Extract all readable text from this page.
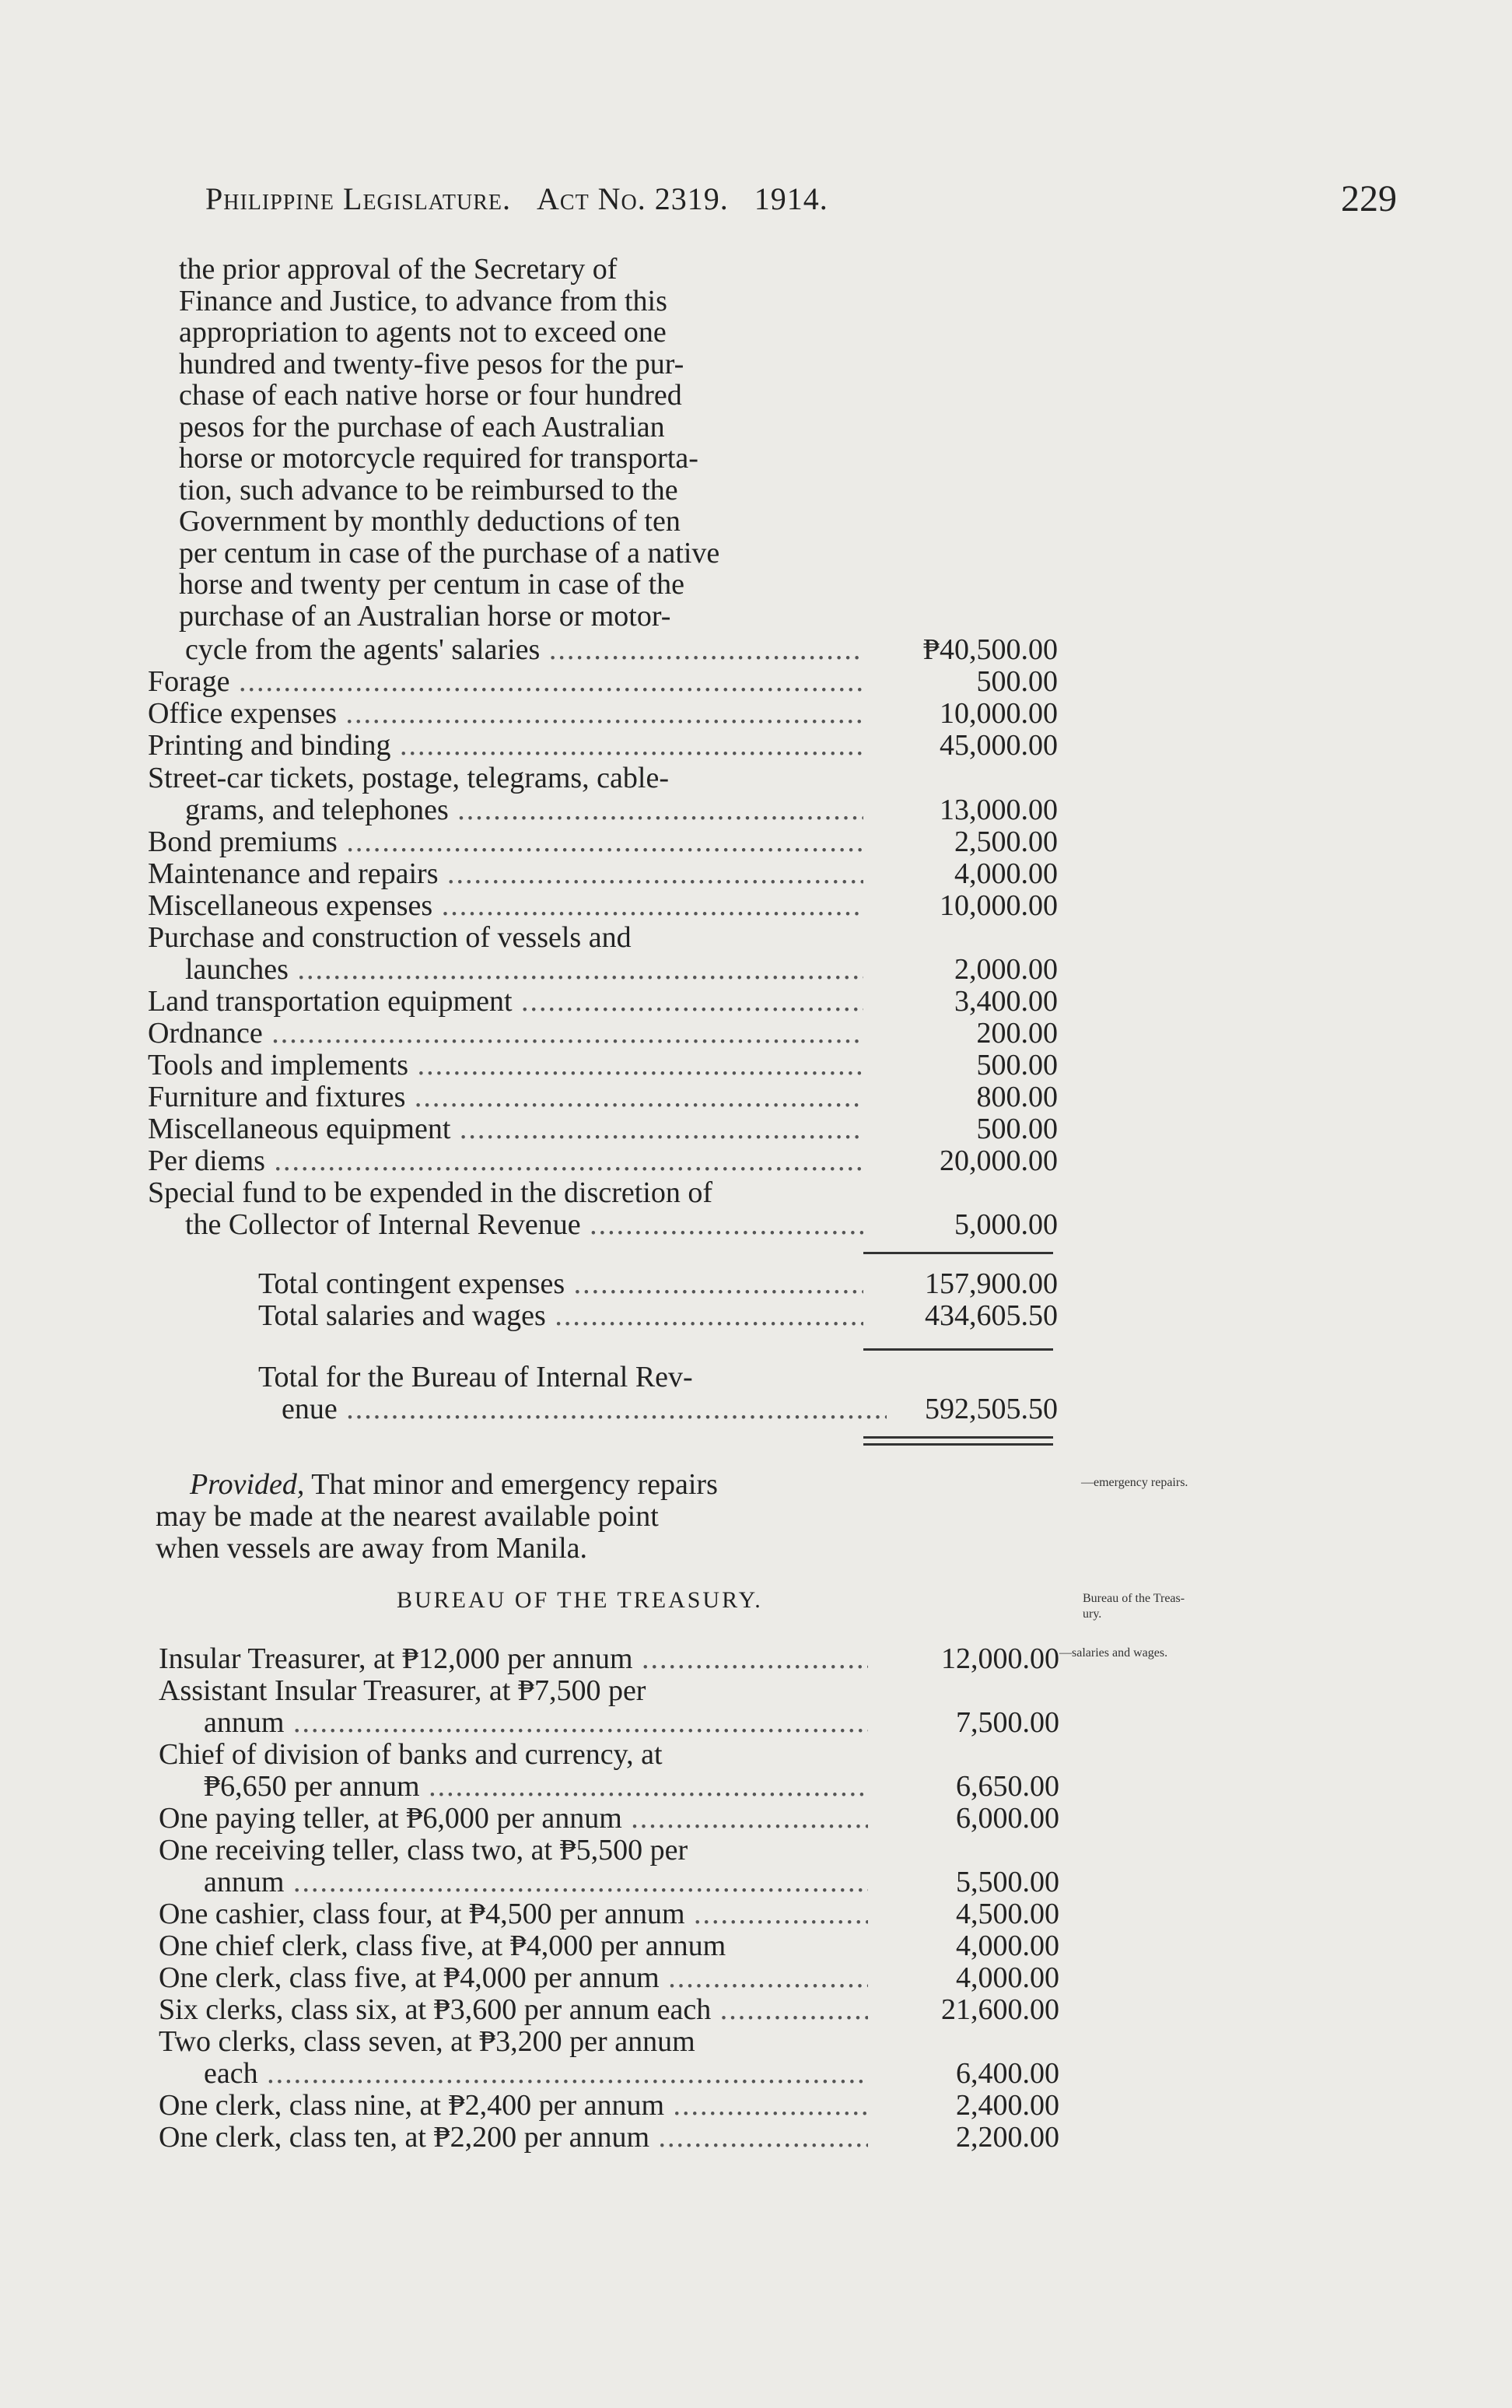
Philippine Legislature. Act No. 2319. 1914.	229
the prior approval of the Secretary of
Finance and Justice, to advance from this
appropriation to agents not to exceed one
hundred and twenty-five pesos for the pur-
chase of each native horse or four hundred
pesos for the purchase of each Australian
horse or motorcycle required for transporta-
tion, such advance to be reimbursed to the
Government by monthly deductions of ten
per centum in case of the purchase of a native
horse and twenty per centum in case of the
purchase of an Australian horse or motor-
cycle from the agents' salaries .....	₱40,500.00
Forage .....	500.00
Office expenses .....	10,000.00
Printing and binding .....	45,000.00
Street-car tickets, postage, telegrams, cable-
grams, and telephones .....	13,000.00
Bond premiums .....	2,500.00
Maintenance and repairs .....	4,000.00
Miscellaneous expenses .....	10,000.00
Purchase and construction of vessels and
launches .....	2,000.00
Land transportation equipment .....	3,400.00
Ordnance .....	200.00
Tools and implements .....	500.00
Furniture and fixtures .....	800.00
Miscellaneous equipment .....	500.00
Per diems .....	20,000.00
Special fund to be expended in the discretion of
the Collector of Internal Revenue .....	5,000.00
Total contingent expenses .....	157,900.00
Total salaries and wages .....	434,605.50
Total for the Bureau of Internal Rev-
enue .....	592,505.50
Provided, That minor and emergency repairs
may be made at the nearest available point
when vessels are away from Manila.
—emergency repairs.
BUREAU OF THE TREASURY.	Bureau of the Treas-
ury.
—salaries and wages.
Insular Treasurer, at ₱12,000 per annum .....	12,000.00
Assistant Insular Treasurer, at ₱7,500 per
annum .....	7,500.00
Chief of division of banks and currency, at
₱6,650 per annum .....	6,650.00
One paying teller, at ₱6,000 per annum .....	6,000.00
One receiving teller, class two, at ₱5,500 per
annum .....	5,500.00
One cashier, class four, at ₱4,500 per annum .....	4,500.00
One chief clerk, class five, at ₱4,000 per annum	4,000.00
One clerk, class five, at ₱4,000 per annum .....	4,000.00
Six clerks, class six, at ₱3,600 per annum each .....	21,600.00
Two clerks, class seven, at ₱3,200 per annum
each .....	6,400.00
One clerk, class nine, at ₱2,400 per annum .....	2,400.00
One clerk, class ten, at ₱2,200 per annum .....	2,200.00
